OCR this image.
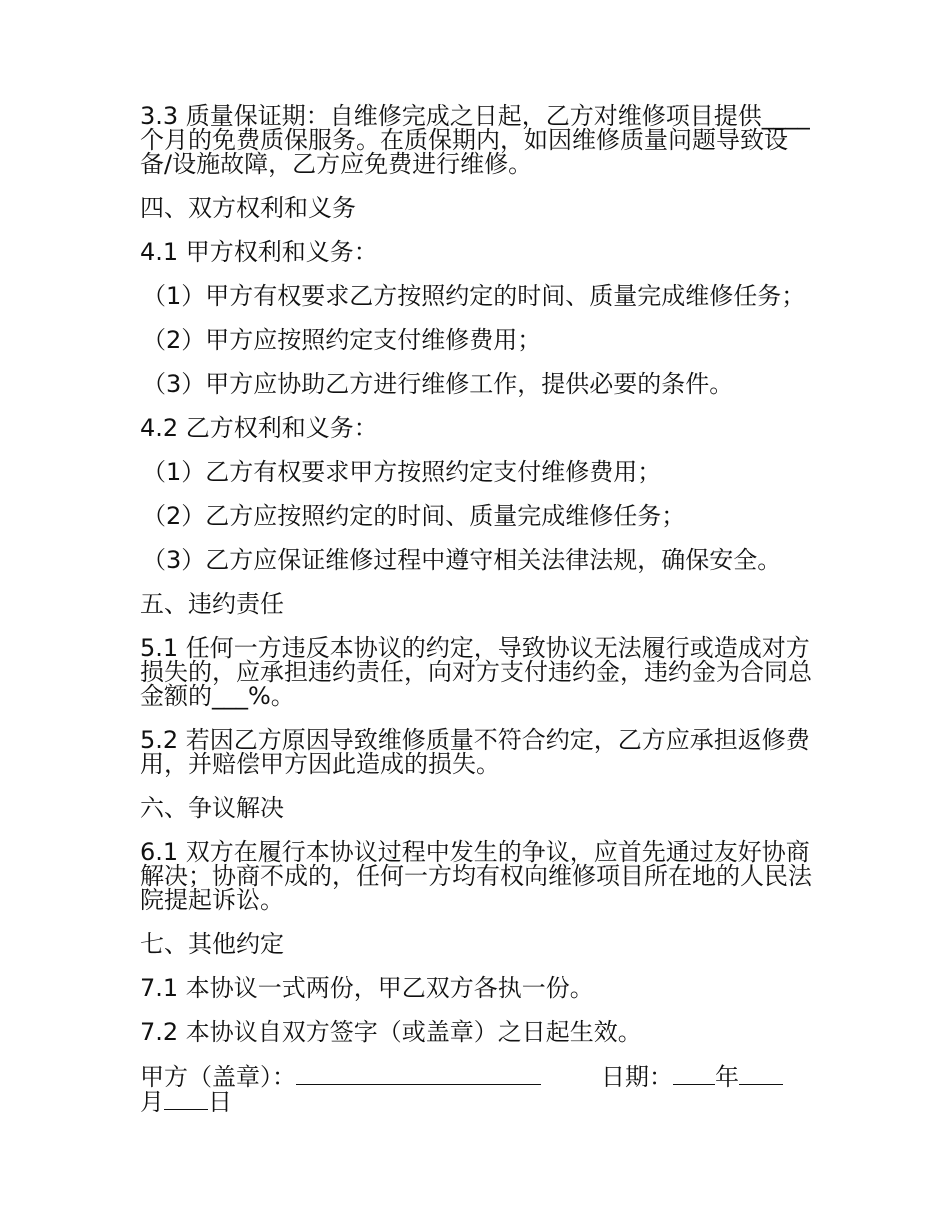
3.3 质量保证期：自维修完成之日起，乙方对维修项目提供____个月的免费质保服务。在质保期内，如因维修质量问题导致设备/设施故障，乙方应免费进行维修。

四、双方权利和义务

4.1 甲方权利和义务：

（1）甲方有权要求乙方按照约定的时间、质量完成维修任务；

（2）甲方应按照约定支付维修费用；

（3）甲方应协助乙方进行维修工作，提供必要的条件。

4.2 乙方权利和义务：

（1）乙方有权要求甲方按照约定支付维修费用；

（2）乙方应按照约定的时间、质量完成维修任务；

（3）乙方应保证维修过程中遵守相关法律法规，确保安全。

五、违约责任

5.1 任何一方违反本协议的约定，导致协议无法履行或造成对方损失的，应承担违约责任，向对方支付违约金，违约金为合同总金额的___%。

5.2 若因乙方原因导致维修质量不符合约定，乙方应承担返修费用，并赔偿甲方因此造成的损失。

六、争议解决

6.1 双方在履行本协议过程中发生的争议，应首先通过友好协商解决；协商不成的，任何一方均有权向维修项目所在地的人民法院提起诉讼。

七、其他约定

7.1 本协议一式两份，甲乙双方各执一份。

7.2 本协议自双方签字（或盖章）之日起生效。

甲方（盖章）：	日期： 年
月 日
